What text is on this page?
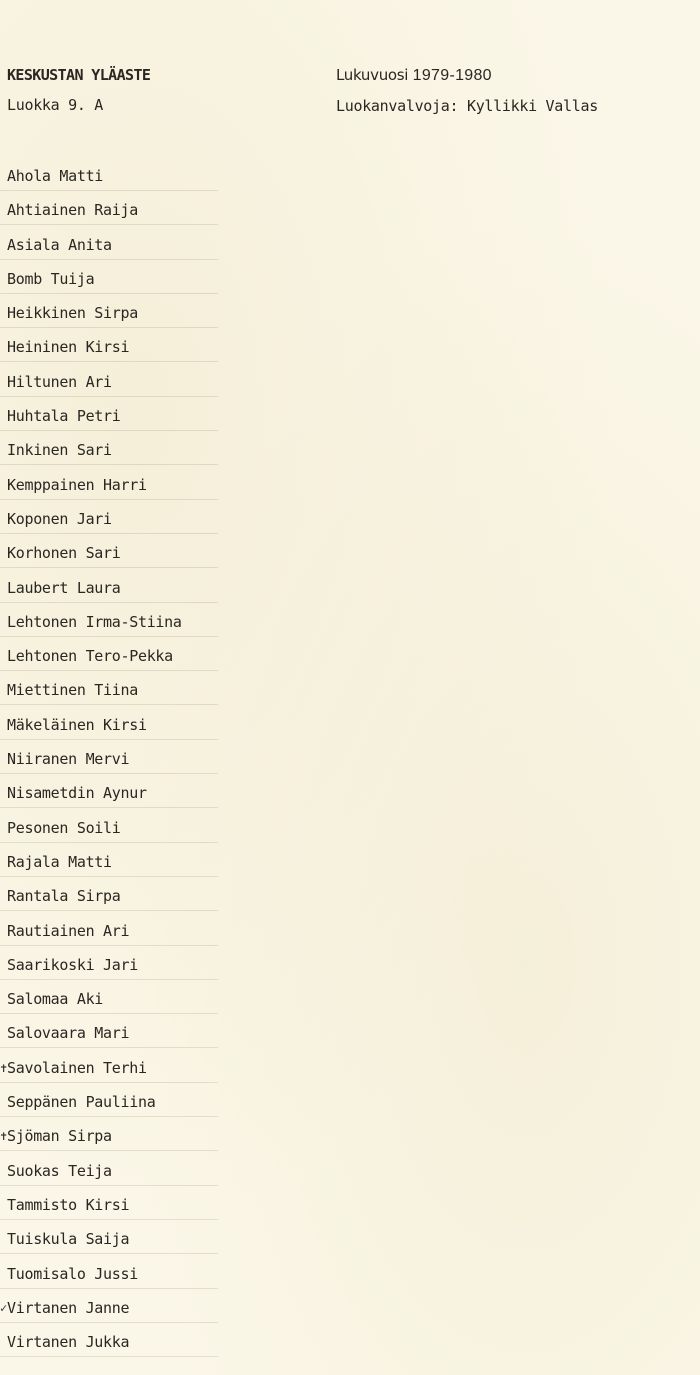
KESKUSTAN YLÄASTE
Luokka 9. A
Lukuvuosi 1979-1980
Luokanvalvoja: Kyllikki Vallas
Ahola Matti
Ahtiainen Raija
Asiala Anita
Bomb Tuija
Heikkinen Sirpa
Heininen Kirsi
Hiltunen Ari
Huhtala Petri
Inkinen Sari
Kemppainen Harri
Koponen Jari
Korhonen Sari
Laubert Laura
Lehtonen Irma-Stiina
Lehtonen Tero-Pekka
Miettinen Tiina
Mäkeläinen Kirsi
Niiranen Mervi
Nisametdin Aynur
Pesonen Soili
Rajala Matti
Rantala Sirpa
Rautiainen Ari
Saarikoski Jari
Salomaa Aki
Salovaara Mari
✝ Savolainen Terhi
Seppänen Pauliina
✝ Sjöman Sirpa
Suokas Teija
Tammisto Kirsi
Tuiskula Saija
Tuomisalo Jussi
✓ Virtanen Janne
Virtanen Jukka
